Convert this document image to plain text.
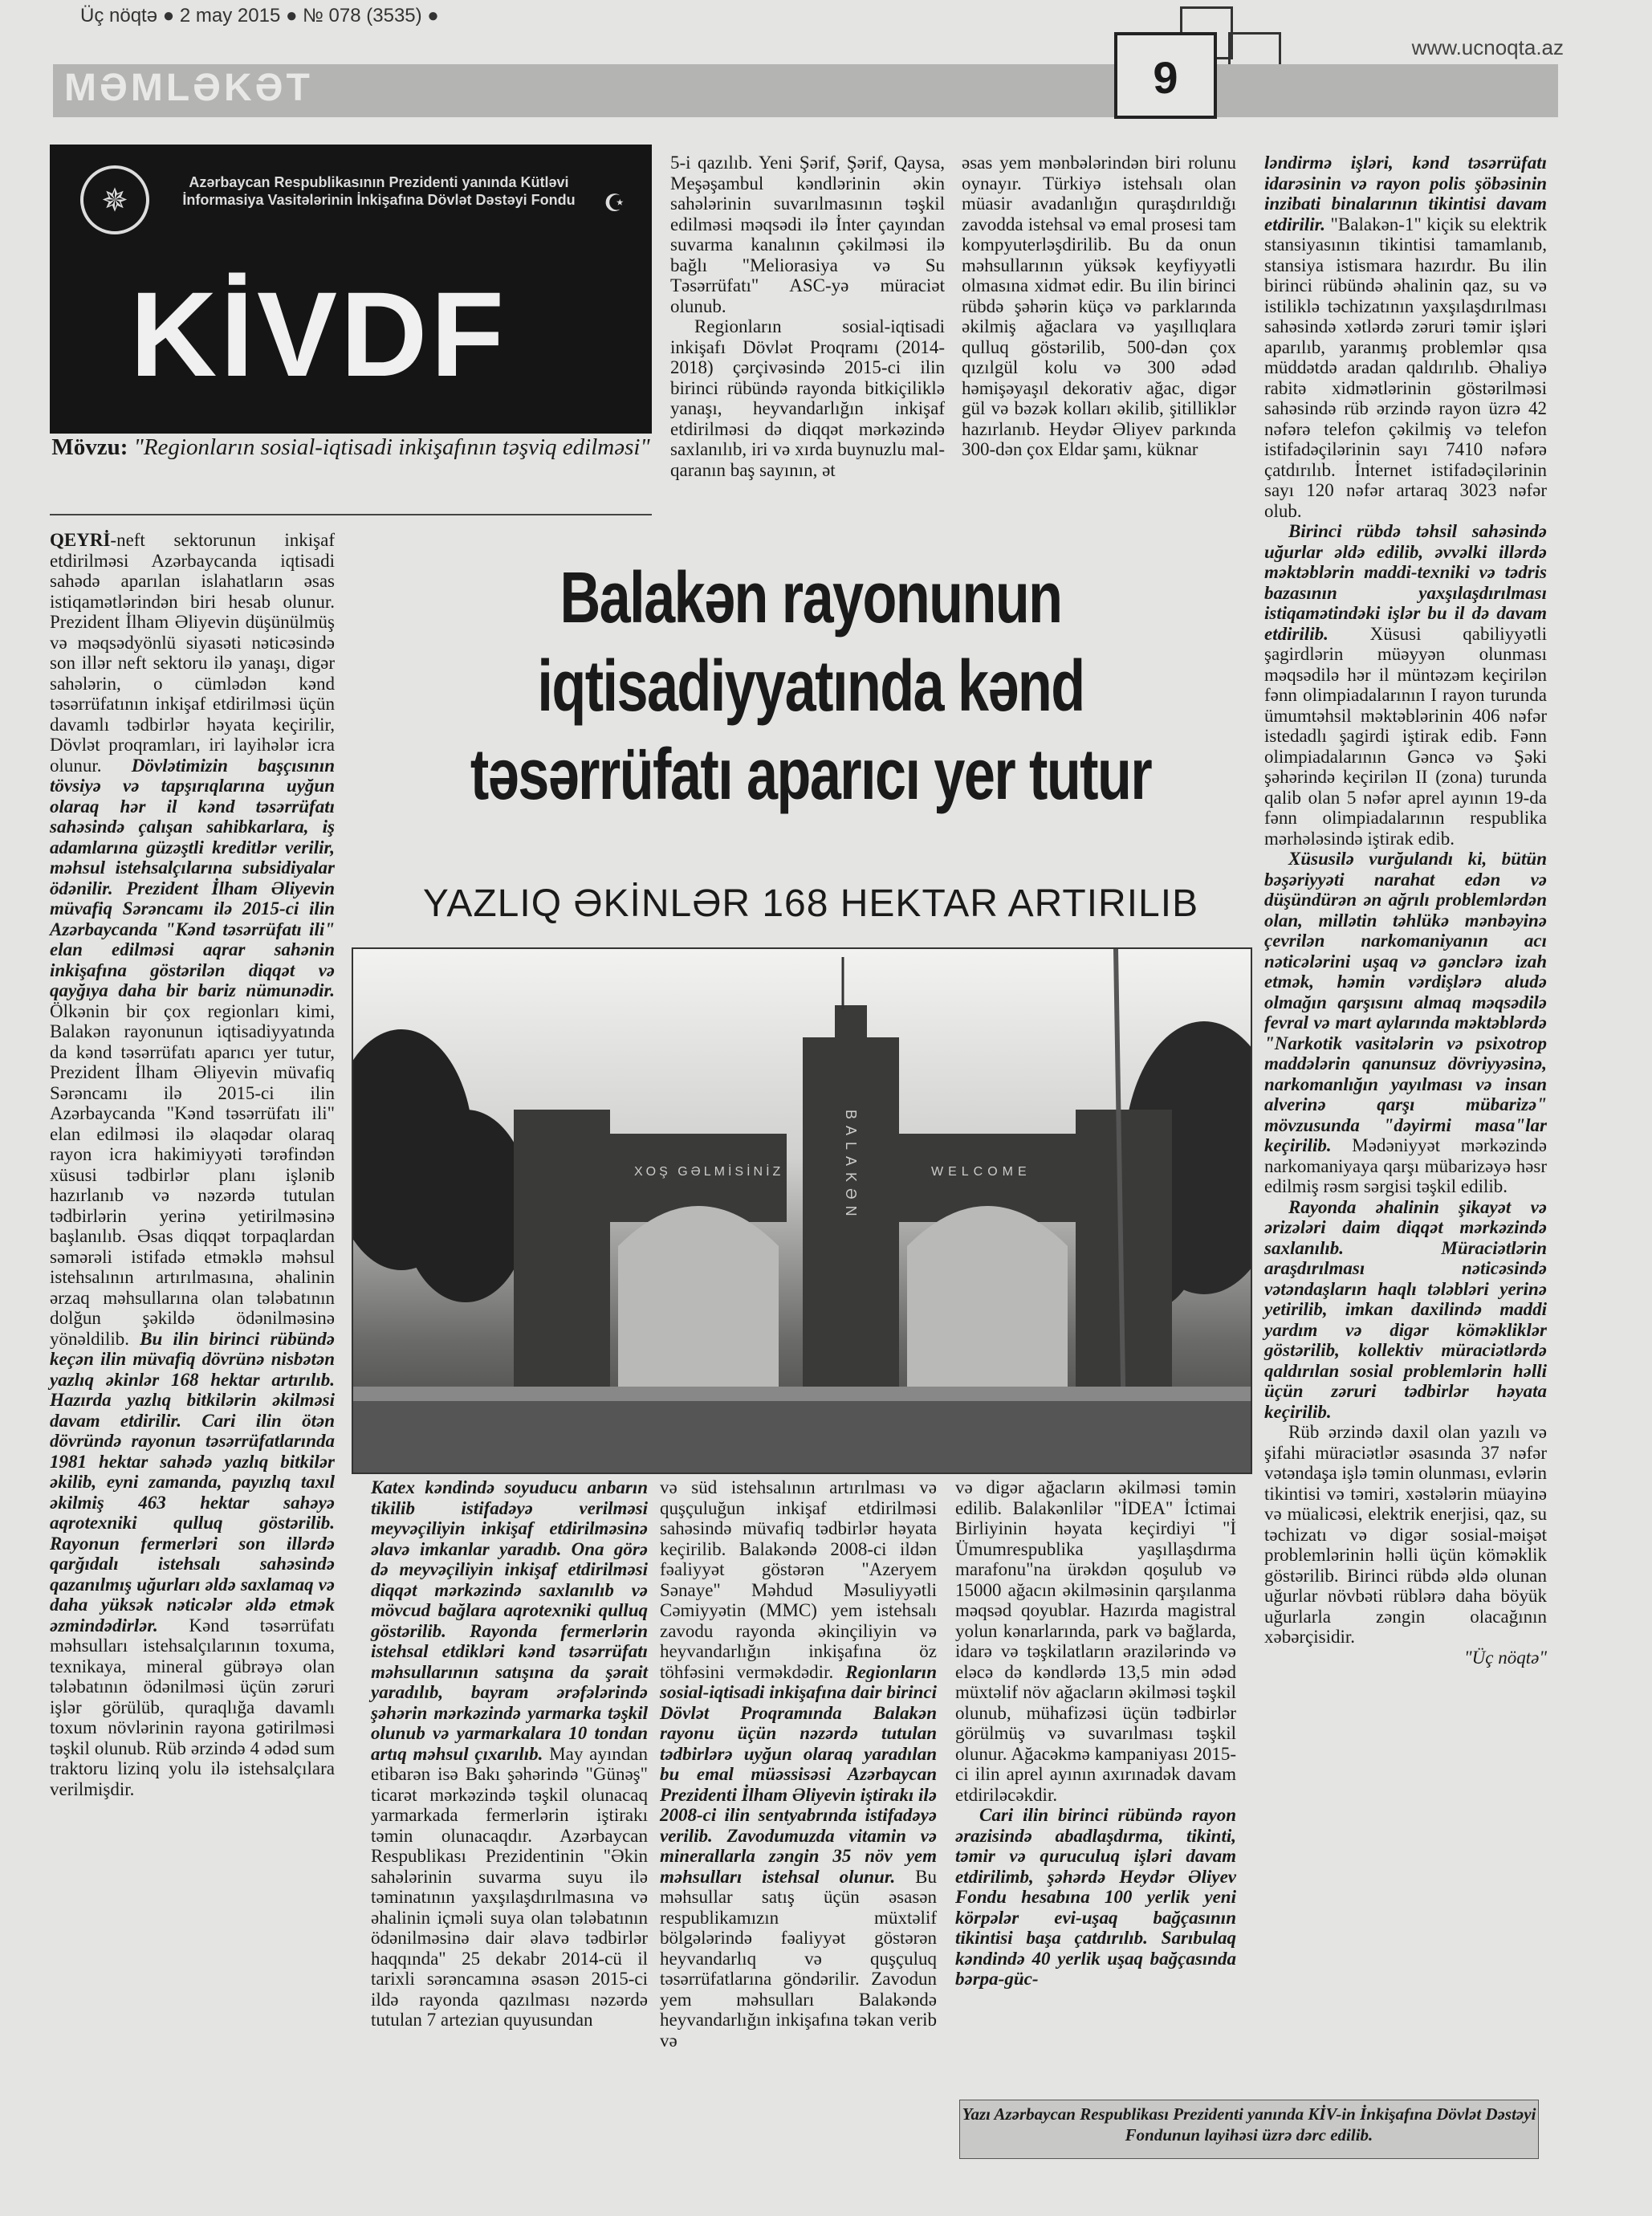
Üç nöqtə ● 2 may 2015 ● № 078 (3535) ●
www.ucnoqta.az
MƏMLƏKƏT	9
✵	Azərbaycan Respublikasının Prezidenti yanında Kütləvi İnformasiya Vasitələrinin İnkişafına Dövlət Dəstəyi Fondu	☪
KİVDF
Mövzu: "Regionların sosial-iqtisadi inkişafının təşviq edilməsi"

QEYRİ-neft sektorunun inkişaf etdirilməsi Azərbaycanda iqtisadi sahədə aparılan islahatların əsas istiqamətlərindən biri hesab olunur. Prezident İlham Əliyevin düşünülmüş və məqsədyönlü siyasəti nəticəsində son illər neft sektoru ilə yanaşı, digər sahələrin, o cümlədən kənd təsərrüfatının inkişaf etdirilməsi üçün davamlı tədbirlər həyata keçirilir, Dövlət proqramları, iri layihələr icra olunur. Dövlətimizin başçısının tövsiyə və tapşırıqlarına uyğun olaraq hər il kənd təsərrüfatı sahəsində çalışan sahibkarlara, iş adamlarına güzəştli kreditlər verilir, məhsul istehsalçılarına subsidiyalar ödənilir. Prezident İlham Əliyevin müvafiq Sərəncamı ilə 2015-ci ilin Azərbaycanda "Kənd təsərrüfatı ili" elan edilməsi aqrar sahənin inkişafına göstərilən diqqət və qayğıya daha bir bariz nümunədir. Ölkənin bir çox regionları kimi, Balakən rayonunun iqtisadiyyatında da kənd təsərrüfatı aparıcı yer tutur, Prezident İlham Əliyevin müvafiq Sərəncamı ilə 2015-ci ilin Azərbaycanda "Kənd təsərrüfatı ili" elan edilməsi ilə əlaqədar olaraq rayon icra hakimiyyəti tərəfindən xüsusi tədbirlər planı işlənib hazırlanıb və nəzərdə tutulan tədbirlərin yerinə yetirilməsinə başlanılıb. Əsas diqqət torpaqlardan səmərəli istifadə etməklə məhsul istehsalının artırılmasına, əhalinin ərzaq məhsullarına olan tələbatının dolğun şəkildə ödənilməsinə yönəldilib. Bu ilin birinci rübündə keçən ilin müvafiq dövrünə nisbətən yazlıq əkinlər 168 hektar artırılıb. Hazırda yazlıq bitkilərin əkilməsi davam etdirilir. Cari ilin ötən dövründə rayonun təsərrüfatlarında 1981 hektar sahədə yazlıq bitkilər əkilib, eyni zamanda, payızlıq taxıl əkilmiş 463 hektar sahəyə aqrotexniki qulluq göstərilib. Rayonun fermerləri son illərdə qarğıdalı istehsalı sahəsində qazanılmış uğurları əldə saxlamaq və daha yüksək nəticələr əldə etmək əzmindədirlər. Kənd təsərrüfatı məhsulları istehsalçılarının toxuma, texnikaya, mineral gübrəyə olan tələbatının ödənilməsi üçün zəruri işlər görülüb, quraqlığa davamlı toxum növlərinin rayona gətirilməsi təşkil olunub. Rüb ərzində 4 ədəd sum traktoru lizinq yolu ilə istehsalçılara verilmişdir.

5-i qazılıb. Yeni Şərif, Şərif, Qaysa, Meşəşambul kəndlərinin əkin sahələrinin suvarılmasının təşkil edilməsi məqsədi ilə İnter çayından suvarma kanalının çəkilməsi ilə bağlı "Meliorasiya və Su Təsərrüfatı" ASC-yə müraciət olunub.

Regionların sosial-iqtisadi inkişafı Dövlət Proqramı (2014-2018) çərçivəsində 2015-ci ilin birinci rübündə rayonda bitkiçiliklə yanaşı, heyvandarlığın inkişaf etdirilməsi də diqqət mərkəzində saxlanılıb, iri və xırda buynuzlu mal-qaranın baş sayının, ət

əsas yem mənbələrindən biri rolunu oynayır. Türkiyə istehsalı olan müasir avadanlığın quraşdırıldığı zavodda istehsal və emal prosesi tam kompyuterləşdirilib. Bu da onun məhsullarının yüksək keyfiyyətli olmasına xidmət edir. Bu ilin birinci rübdə şəhərin küçə və parklarında əkilmiş ağaclara və yaşıllıqlara qulluq göstərilib, 500-dən çox qızılgül kolu və 300 ədəd həmişəyaşıl dekorativ ağac, digər gül və bəzək kolları əkilib, şitilliklər hazırlanıb. Heydər Əliyev parkında 300-dən çox Eldar şamı, küknar

ləndirmə işləri, kənd təsərrüfatı idarəsinin və rayon polis şöbəsinin inzibati binalarının tikintisi davam etdirilir. "Balakən-1" kiçik su elektrik stansiyasının tikintisi tamamlanıb, stansiya istismara hazırdır. Bu ilin birinci rübündə əhalinin qaz, su və istiliklə təchizatının yaxşılaşdırılması sahəsində xətlərdə zəruri təmir işləri aparılıb, yaranmış problemlər qısa müddətdə aradan qaldırılıb. Əhaliyə rabitə xidmətlərinin göstərilməsi sahəsində rüb ərzində rayon üzrə 42 nəfərə telefon çəkilmiş və telefon istifadəçilərinin sayı 7410 nəfərə çatdırılıb. İnternet istifadəçilərinin sayı 120 nəfər artaraq 3023 nəfər olub.

Birinci rübdə təhsil sahəsində uğurlar əldə edilib, əvvəlki illərdə məktəblərin maddi-texniki və tədris bazasının yaxşılaşdırılması istiqamətindəki işlər bu il də davam etdirilib. Xüsusi qabiliyyətli şagirdlərin müəyyən olunması məqsədilə hər il müntəzəm keçirilən fənn olimpiadalarının I rayon turunda ümumtəhsil məktəblərinin 406 nəfər istedadlı şagirdi iştirak edib. Fənn olimpiadalarının Gəncə və Şəki şəhərində keçirilən II (zona) turunda qalib olan 5 nəfər aprel ayının 19-da fənn olimpiadalarının respublika mərhələsində iştirak edib.

Xüsusilə vurğulandı ki, bütün bəşəriyyəti narahat edən və düşündürən ən ağrılı problemlərdən olan, millətin təhlükə mənbəyinə çevrilən narkomaniyanın acı nəticələrini uşaq və gənclərə izah etmək, həmin vərdişlərə aludə olmağın qarşısını almaq məqsədilə fevral və mart aylarında məktəblərdə "Narkotik vasitələrin və psixotrop maddələrin qanunsuz dövriyyəsinə, narkomanlığın yayılması və insan alverinə qarşı mübarizə" mövzusunda "dəyirmi masa"lar keçirilib. Mədəniyyət mərkəzində narkomaniyaya qarşı mübarizəyə həsr edilmiş rəsm sərgisi təşkil edilib.

Rayonda əhalinin şikayət və ərizələri daim diqqət mərkəzində saxlanılıb. Müraciətlərin araşdırılması nəticəsində vətəndaşların haqlı tələbləri yerinə yetirilib, imkan daxilində maddi yardım və digər köməkliklər göstərilib, kollektiv müraciətlərdə qaldırılan sosial problemlərin həlli üçün zəruri tədbirlər həyata keçirilib.

Rüb ərzində daxil olan yazılı və şifahi müraciətlər əsasında 37 nəfər vətəndaşa işlə təmin olunması, evlərin tikintisi və təmiri, xəstələrin müayinə və müalicəsi, elektrik enerjisi, qaz, su təchizatı və digər sosial-məişət problemlərinin həlli üçün köməklik göstərilib. Birinci rübdə əldə olunan uğurlar növbəti rüblərə daha böyük uğurlarla zəngin olacağının xəbərçisidir.

"Üç nöqtə"

Balakən rayonunun iqtisadiyyatında kənd təsərrüfatı aparıcı yer tutur
YAZLIQ ƏKİNLƏR 168 HEKTAR ARTIRILIB
XOŞ GƏLMİSİNİZ	WELCOME
BALAKƏN

Katex kəndində soyuducu anbarın tikilib istifadəyə verilməsi meyvəçiliyin inkişaf etdirilməsinə əlavə imkanlar yaradıb. Ona görə də meyvəçiliyin inkişaf etdirilməsi diqqət mərkəzində saxlanılıb və mövcud bağlara aqrotexniki qulluq göstərilib. Rayonda fermerlərin istehsal etdikləri kənd təsərrüfatı məhsullarının satışına da şərait yaradılıb, bayram ərəfələrində şəhərin mərkəzində yarmarka təşkil olunub və yarmarkalara 10 tondan artıq məhsul çıxarılıb. May ayından etibarən isə Bakı şəhərində "Günəş" ticarət mərkəzində təşkil olunacaq yarmarkada fermerlərin iştirakı təmin olunacaqdır. Azərbaycan Respublikası Prezidentinin "Əkin sahələrinin suvarma suyu ilə təminatının yaxşılaşdırılmasına və əhalinin içməli suya olan tələbatının ödənilməsinə dair əlavə tədbirlər haqqında" 25 dekabr 2014-cü il tarixli sərəncamına əsasən 2015-ci ildə rayonda qazılması nəzərdə tutulan 7 artezian quyusundan

və süd istehsalının artırılması və quşçuluğun inkişaf etdirilməsi sahəsində müvafiq tədbirlər həyata keçirilib. Balakəndə 2008-ci ildən fəaliyyət göstərən "Azeryem Sənaye" Məhdud Məsuliyyətli Cəmiyyətin (MMC) yem istehsalı zavodu rayonda əkinçiliyin və heyvandarlığın inkişafına öz töhfəsini verməkdədir. Regionların sosial-iqtisadi inkişafına dair birinci Dövlət Proqramında Balakən rayonu üçün nəzərdə tutulan tədbirlərə uyğun olaraq yaradılan bu emal müəssisəsi Azərbaycan Prezidenti İlham Əliyevin iştirakı ilə 2008-ci ilin sentyabrında istifadəyə verilib. Zavodumuzda vitamin və minerallarla zəngin 35 növ yem məhsulları istehsal olunur. Bu məhsullar satış üçün əsasən respublikamızın müxtəlif bölgələrində fəaliyyət göstərən heyvandarlıq və quşçuluq təsərrüfatlarına göndərilir. Zavodun yem məhsulları Balakəndə heyvandarlığın inkişafına təkan verib və

və digər ağacların əkilməsi təmin edilib. Balakənlilər "İDEA" İctimai Birliyinin həyata keçirdiyi "İ Ümumrespublika yaşıllaşdırma marafonu"na ürəkdən qoşulub və 15000 ağacın əkilməsinin qarşılanma məqsəd qoyublar. Hazırda magistral yolun kənarlarında, park və bağlarda, idarə və təşkilatların ərazilərində və eləcə də kəndlərdə 13,5 min ədəd müxtəlif növ ağacların əkilməsi təşkil olunub, mühafizəsi üçün tədbirlər görülmüş və suvarılması təşkil olunur. Ağacəkmə kampaniyası 2015-ci ilin aprel ayının axırınadək davam etdiriləcəkdir.

Cari ilin birinci rübündə rayon ərazisində abadlaşdırma, tikinti, təmir və quruculuq işləri davam etdirilimb, şəhərdə Heydər Əliyev Fondu hesabına 100 yerlik yeni körpələr evi-uşaq bağçasının tikintisi başa çatdırılıb. Sarıbulaq kəndində 40 yerlik uşaq bağçasında bərpa-güc-

Yazı Azərbaycan Respublikası Prezidenti yanında KİV-in İnkişafına Dövlət Dəstəyi Fondunun layihəsi üzrə dərc edilib.
